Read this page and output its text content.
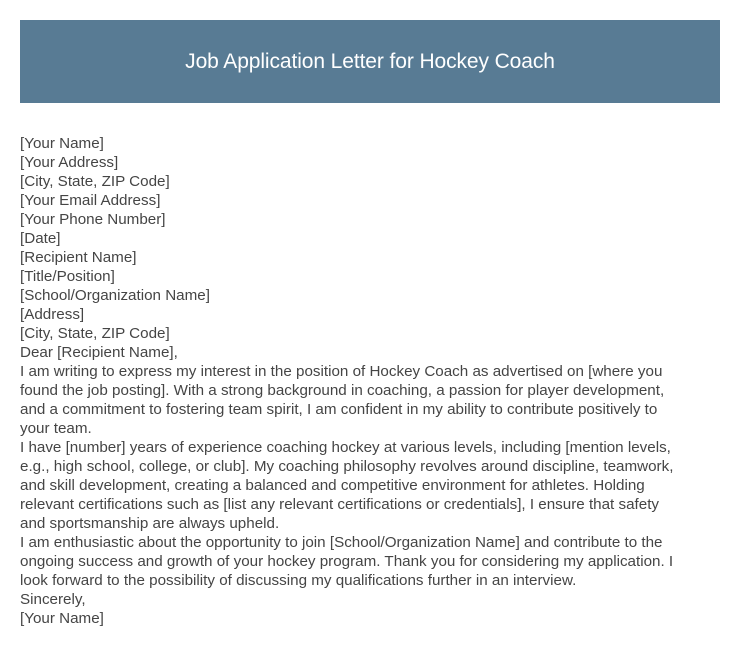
Job Application Letter for Hockey Coach
[Your Name]
[Your Address]
[City, State, ZIP Code]
[Your Email Address]
[Your Phone Number]
[Date]
[Recipient Name]
[Title/Position]
[School/Organization Name]
[Address]
[City, State, ZIP Code]
Dear [Recipient Name],
I am writing to express my interest in the position of Hockey Coach as advertised on [where you
found the job posting]. With a strong background in coaching, a passion for player development,
and a commitment to fostering team spirit, I am confident in my ability to contribute positively to
your team.
I have [number] years of experience coaching hockey at various levels, including [mention levels,
e.g., high school, college, or club]. My coaching philosophy revolves around discipline, teamwork,
and skill development, creating a balanced and competitive environment for athletes. Holding
relevant certifications such as [list any relevant certifications or credentials], I ensure that safety
and sportsmanship are always upheld.
I am enthusiastic about the opportunity to join [School/Organization Name] and contribute to the
ongoing success and growth of your hockey program. Thank you for considering my application. I
look forward to the possibility of discussing my qualifications further in an interview.
Sincerely,
[Your Name]
